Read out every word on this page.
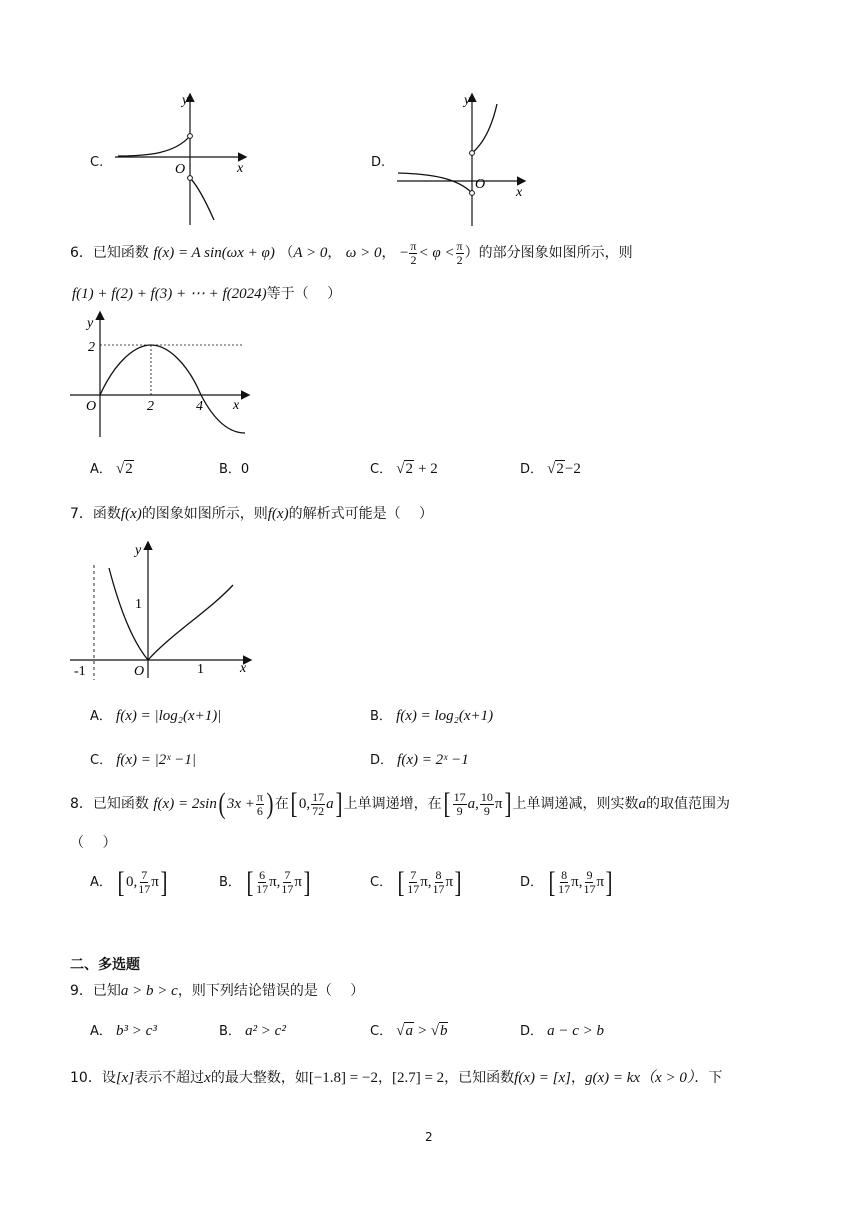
C.
y
x
O	D.
y
x
O
6．已知函数 f(x) = A sin(ωx + φ) （A > 0， ω > 0， − $\frac{\pi}{2} < \varphi < \frac{\pi}{2}$ ）的部分图象如图所示，则
f(1) + f(2) + f(3) + ⋯ + f(2024)等于（　 ）
y
2
O	2	4 x
A． √2	B．0	C． √2 + 2	D． √2−2
7．函数f(x)的图象如图所示，则f(x)的解析式可能是（　 ）
y
1
-1	O	1	x
A． f(x) = |log₂(x+1)|	B． f(x) = log₂(x+1)
C． f(x) = |2ˣ −1|	D． f(x) = 2ˣ −1
8．已知函数 f(x) = 2sin( $3x + \frac{\pi}{6}$ ) 在[ 0, $\frac{17}{72} a$] 上单调递增，在[ $\frac{17}{9} a$, $\frac{10}{9} \pi$] 上单调递减，则实数a的取值范围为
（　 ）
A． [ 0, $\frac{7}{17} \pi$]	B． [ $\frac{6}{17} \pi$, $\frac{7}{17} \pi$]	C． [ $\frac{7}{17} \pi$, $\frac{8}{17} \pi$]	D． [ $\frac{8}{17} \pi$, $\frac{9}{17} \pi$]
二、多选题
9．已知a > b > c，则下列结论错误的是（　 ）
A． b³ > c³	B． a² > c²	C． √a > √b	D． a − c > b
10．设[x]表示不超过x的最大整数，如[−1.8] = −2，[2.7] = 2，已知函数f(x) = [x]，g(x) = kx（x > 0）．下
2
